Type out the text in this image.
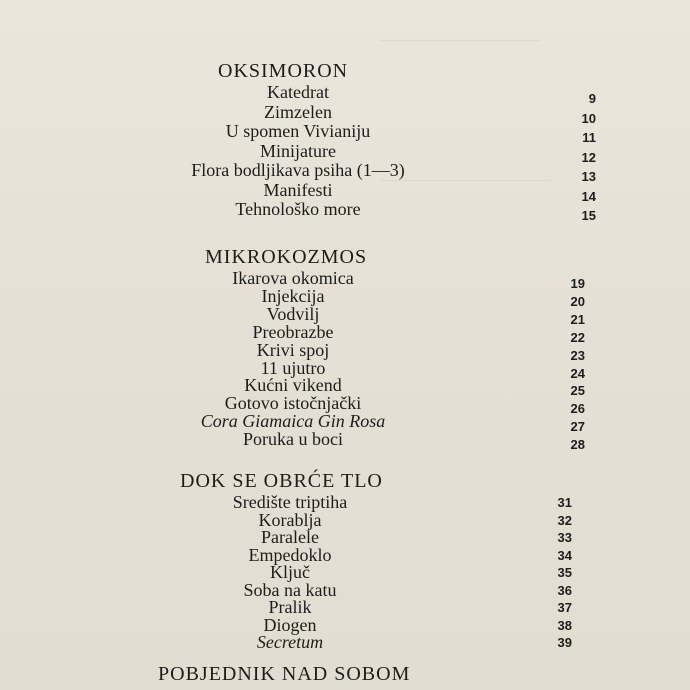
OKSIMORON
Katedrat	9
Zimzelen	10
U spomen Vivianiju	11
Minijature	12
Flora bodljikava psiha (1—3)	13
Manifesti	14
Tehnološko more	15
MIKROKOZMOS
Ikarova okomica	19
Injekcija	20
Vodvilj	21
Preobrazbe	22
Krivi spoj	23
11 ujutro	24
Kućni vikend	25
Gotovo istočnjački	26
Cora Giamaica Gin Rosa	27
Poruka u boci	28
DOK SE OBRĆE TLO
Središte triptiha	31
Korablja	32
Paralele	33
Empedoklo	34
Ključ	35
Soba na katu	36
Pralik	37
Diogen	38
Secretum	39
POBJEDNIK NAD SOBOM
